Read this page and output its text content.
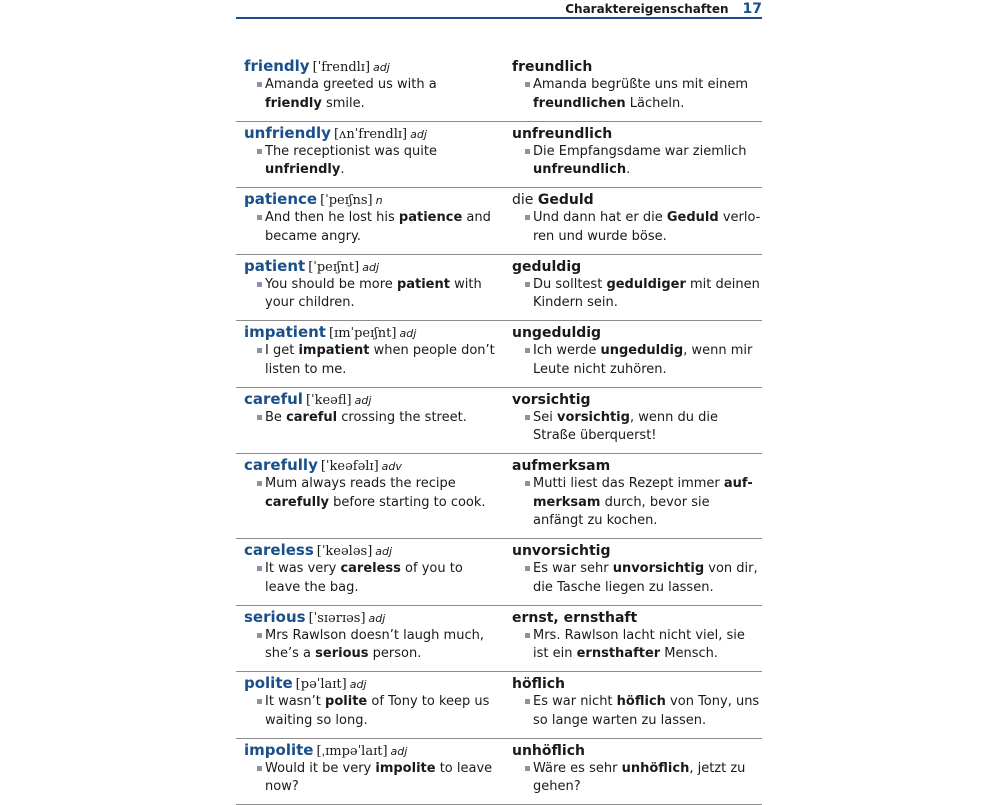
Charaktereigenschaften 17
friendly [ˈfrendlɪ] adj
Amanda greeted us with a friendly smile.
freundlich
Amanda begrüßte uns mit einem freundlichen Lächeln.
unfriendly [ʌnˈfrendlɪ] adj
The receptionist was quite unfriendly.
unfreundlich
Die Empfangsdame war ziemlich unfreundlich.
patience [ˈpeɪʃns] n
And then he lost his patience and became angry.
die Geduld
Und dann hat er die Geduld verlo-ren und wurde böse.
patient [ˈpeɪʃnt] adj
You should be more patient with your children.
geduldig
Du solltest geduldiger mit deinen Kindern sein.
impatient [ɪmˈpeɪʃnt] adj
I get impatient when people don’t listen to me.
ungeduldig
Ich werde ungeduldig, wenn mir Leute nicht zuhören.
careful [ˈkeəfl] adj
Be careful crossing the street.
vorsichtig
Sei vorsichtig, wenn du die Straße überquerst!
carefully [ˈkeəfəlɪ] adv
Mum always reads the recipe carefully before starting to cook.
aufmerksam
Mutti liest das Rezept immer auf-merksam durch, bevor sie anfängt zu kochen.
careless [ˈkeələs] adj
It was very careless of you to leave the bag.
unvorsichtig
Es war sehr unvorsichtig von dir, die Tasche liegen zu lassen.
serious [ˈsɪərɪəs] adj
Mrs Rawlson doesn’t laugh much, she’s a serious person.
ernst, ernsthaft
Mrs. Rawlson lacht nicht viel, sie ist ein ernsthafter Mensch.
polite [pəˈlaɪt] adj
It wasn’t polite of Tony to keep us waiting so long.
höflich
Es war nicht höflich von Tony, uns so lange warten zu lassen.
impolite [ˌɪmpəˈlaɪt] adj
Would it be very impolite to leave now?
unhöflich
Wäre es sehr unhöflich, jetzt zu gehen?
